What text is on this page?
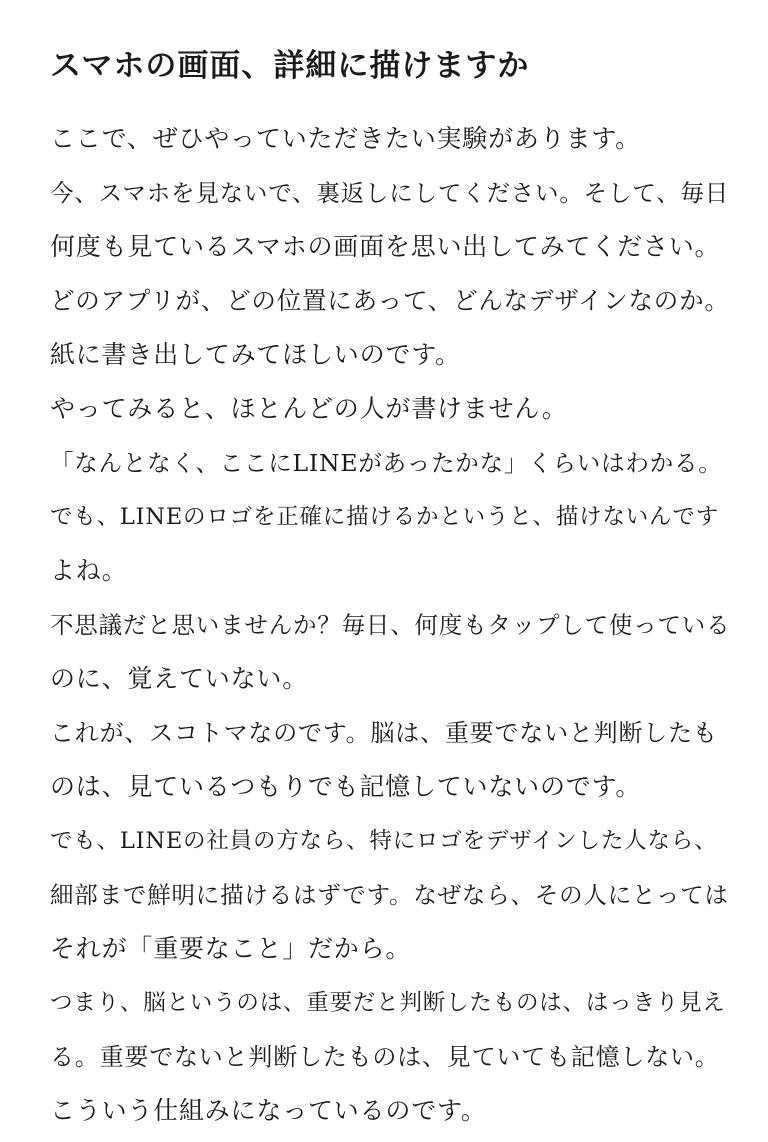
スマホの画面、詳細に描けますか
ここで、ぜひやっていただきたい実験があります。
今、スマホを見ないで、裏返しにしてください。そして、毎日
何度も見ているスマホの画面を思い出してみてください。
どのアプリが、どの位置にあって、どんなデザインなのか。
紙に書き出してみてほしいのです。
やってみると、ほとんどの人が書けません。
「なんとなく、ここにLINEがあったかな」くらいはわかる。
でも、LINEのロゴを正確に描けるかというと、描けないんです
よね。
不思議だと思いませんか？毎日、何度もタップして使っている
のに、覚えていない。
これが、スコトマなのです。脳は、重要でないと判断したも
のは、見ているつもりでも記憶していないのです。
でも、LINEの社員の方なら、特にロゴをデザインした人なら、
細部まで鮮明に描けるはずです。なぜなら、その人にとっては
それが「重要なこと」だから。
つまり、脳というのは、重要だと判断したものは、はっきり見え
る。重要でないと判断したものは、見ていても記憶しない。
こういう仕組みになっているのです。
